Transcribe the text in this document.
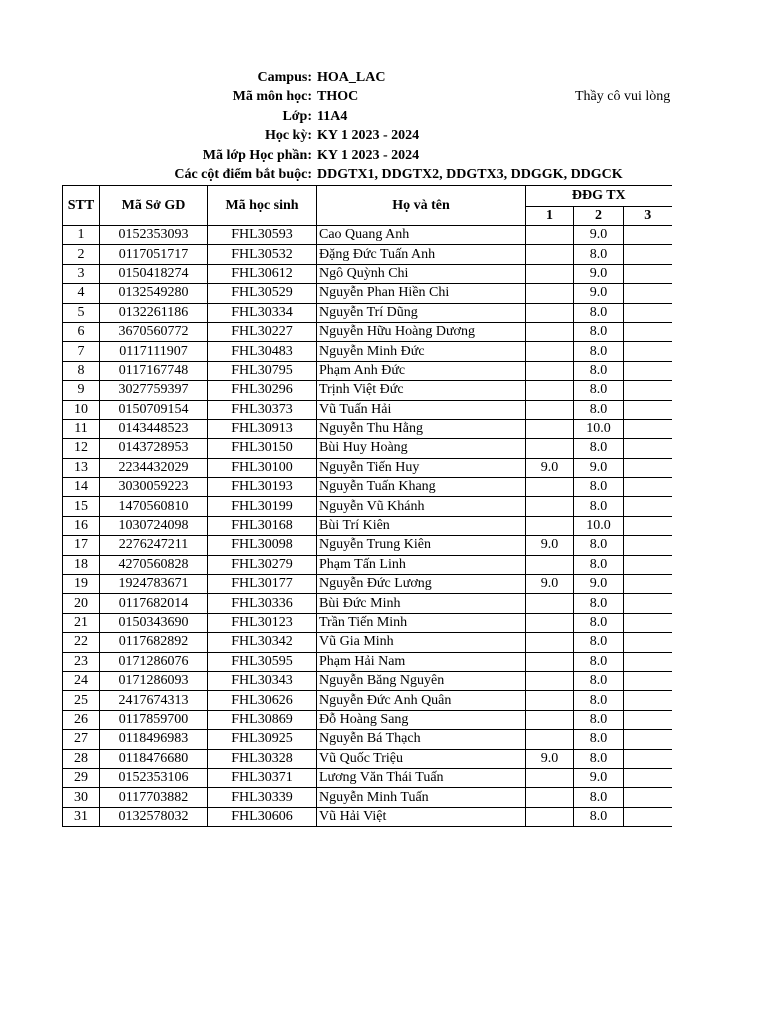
Campus: HOA_LAC
Mã môn học: THOC	Thầy cô vui lòng
Lớp: 11A4
Học kỳ: KY 1 2023 - 2024
Mã lớp Học phần: KY 1 2023 - 2024
Các cột điểm bắt buộc: DDGTX1, DDGTX2, DDGTX3, DDGGK, DDGCK
STT	Mã Sở GD	Mã học sinh	Họ và tên	ĐĐG TX		
				1	2	3
1	0152353093	FHL30593	Cao Quang Anh		9.0	
2	0117051717	FHL30532	Đặng Đức Tuấn Anh		8.0	
3	0150418274	FHL30612	Ngô Quỳnh Chi		9.0	
4	0132549280	FHL30529	Nguyễn Phan Hiền Chi		9.0	
5	0132261186	FHL30334	Nguyễn Trí Dũng		8.0	
6	3670560772	FHL30227	Nguyễn Hữu Hoàng Dương		8.0	
7	0117111907	FHL30483	Nguyễn Minh Đức		8.0	
8	0117167748	FHL30795	Phạm Anh Đức		8.0	
9	3027759397	FHL30296	Trịnh Việt Đức		8.0	
10	0150709154	FHL30373	Vũ Tuấn Hải		8.0	
11	0143448523	FHL30913	Nguyễn Thu Hằng		10.0	
12	0143728953	FHL30150	Bùi Huy Hoàng		8.0	
13	2234432029	FHL30100	Nguyễn Tiến Huy	9.0	9.0	
14	3030059223	FHL30193	Nguyễn Tuấn Khang		8.0	
15	1470560810	FHL30199	Nguyễn Vũ Khánh		8.0	
16	1030724098	FHL30168	Bùi Trí Kiên		10.0	
17	2276247211	FHL30098	Nguyễn Trung Kiên	9.0	8.0	
18	4270560828	FHL30279	Phạm Tấn Linh		8.0	
19	1924783671	FHL30177	Nguyễn Đức Lương	9.0	9.0	
20	0117682014	FHL30336	Bùi Đức Minh		8.0	
21	0150343690	FHL30123	Trần Tiến Minh		8.0	
22	0117682892	FHL30342	Vũ Gia Minh		8.0	
23	0171286076	FHL30595	Phạm Hải Nam		8.0	
24	0171286093	FHL30343	Nguyễn Băng Nguyên		8.0	
25	2417674313	FHL30626	Nguyễn Đức Anh Quân		8.0	
26	0117859700	FHL30869	Đỗ Hoàng Sang		8.0	
27	0118496983	FHL30925	Nguyễn Bá Thạch		8.0	
28	0118476680	FHL30328	Vũ Quốc Triệu	9.0	8.0	
29	0152353106	FHL30371	Lương Văn Thái Tuấn		9.0	
30	0117703882	FHL30339	Nguyễn Minh Tuấn		8.0	
31	0132578032	FHL30606	Vũ Hải Việt		8.0	
